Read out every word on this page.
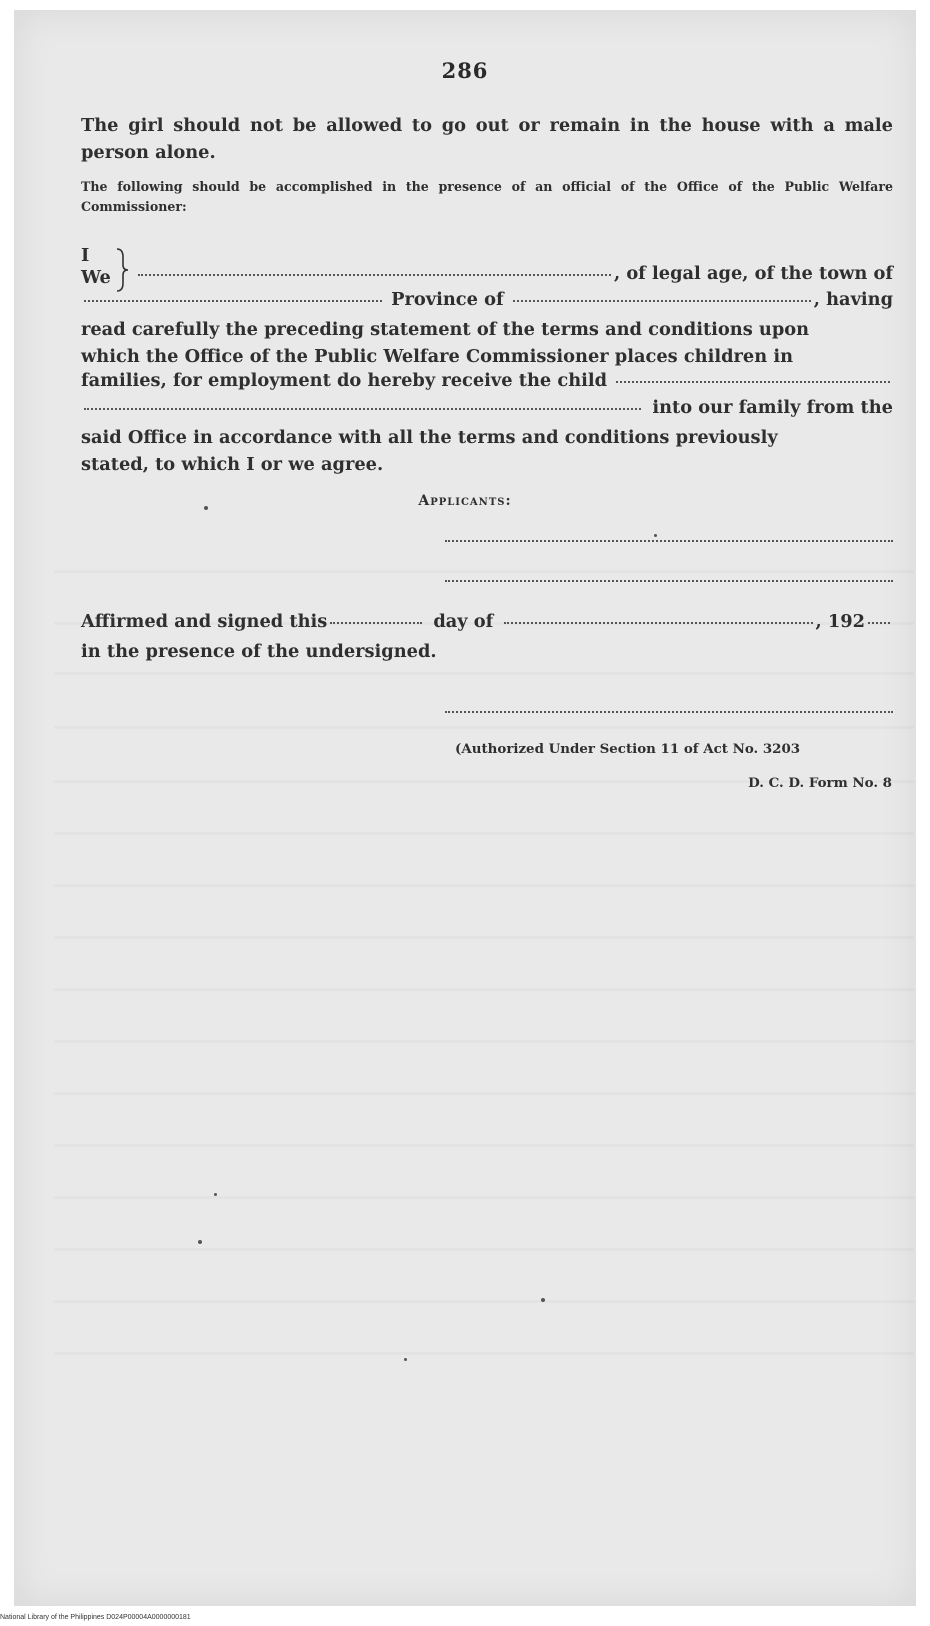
286
The girl should not be allowed to go out or remain in the house with a male person alone.
The following should be accomplished in the presence of an official of the Office of the Public Welfare Commissioner:
I
We	, of legal age, of the town of
Province of	, having
read carefully the preceding statement of the terms and conditions upon
which the Office of the Public Welfare Commissioner places children in
families, for employment do hereby receive the child
into our family from the
said Office in accordance with all the terms and conditions previously
stated, to which I or we agree.
Applicants:
Affirmed and signed this	day of	, 192
in the presence of the undersigned.
(Authorized Under Section 11 of Act No. 3203
D. C. D. Form No. 8
National Library of the Philippines D024P00004A0000000181
